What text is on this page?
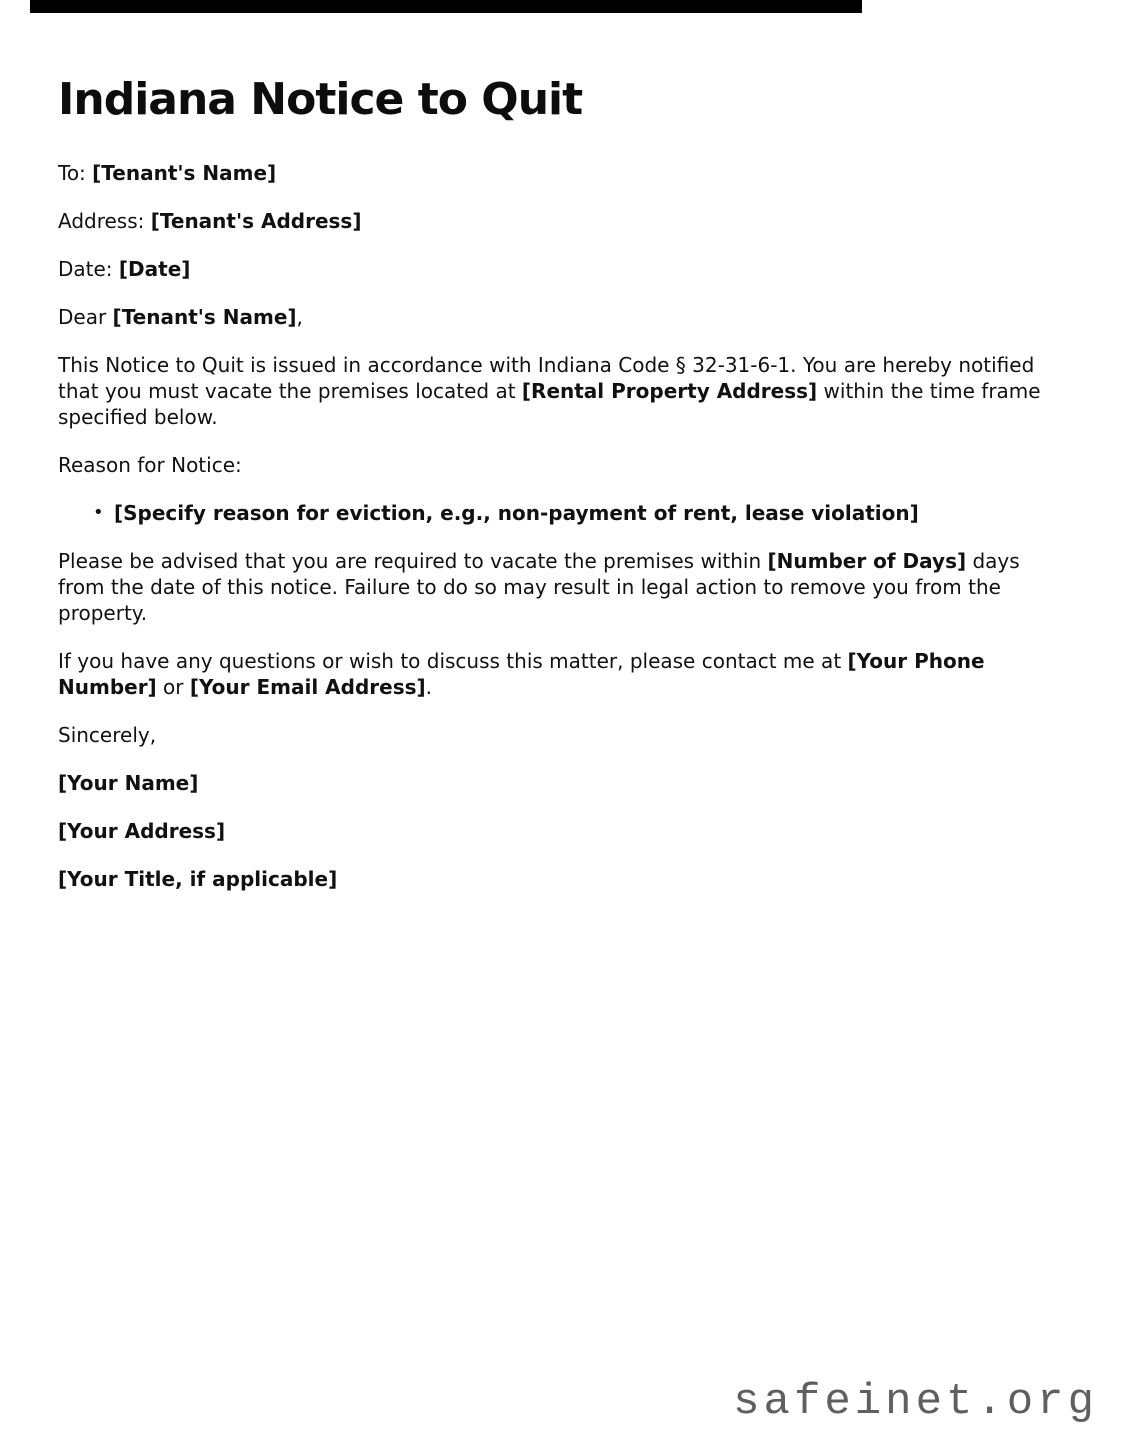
Indiana Notice to Quit

To: [Tenant's Name]

Address: [Tenant's Address]

Date: [Date]

Dear [Tenant's Name],

This Notice to Quit is issued in accordance with Indiana Code § 32-31-6-1. You are hereby notified that you must vacate the premises located at [Rental Property Address] within the time frame specified below.

Reason for Notice:

• [Specify reason for eviction, e.g., non-payment of rent, lease violation]

Please be advised that you are required to vacate the premises within [Number of Days] days from the date of this notice. Failure to do so may result in legal action to remove you from the property.

If you have any questions or wish to discuss this matter, please contact me at [Your Phone Number] or [Your Email Address].

Sincerely,

[Your Name]

[Your Address]

[Your Title, if applicable]

safeinet.org
